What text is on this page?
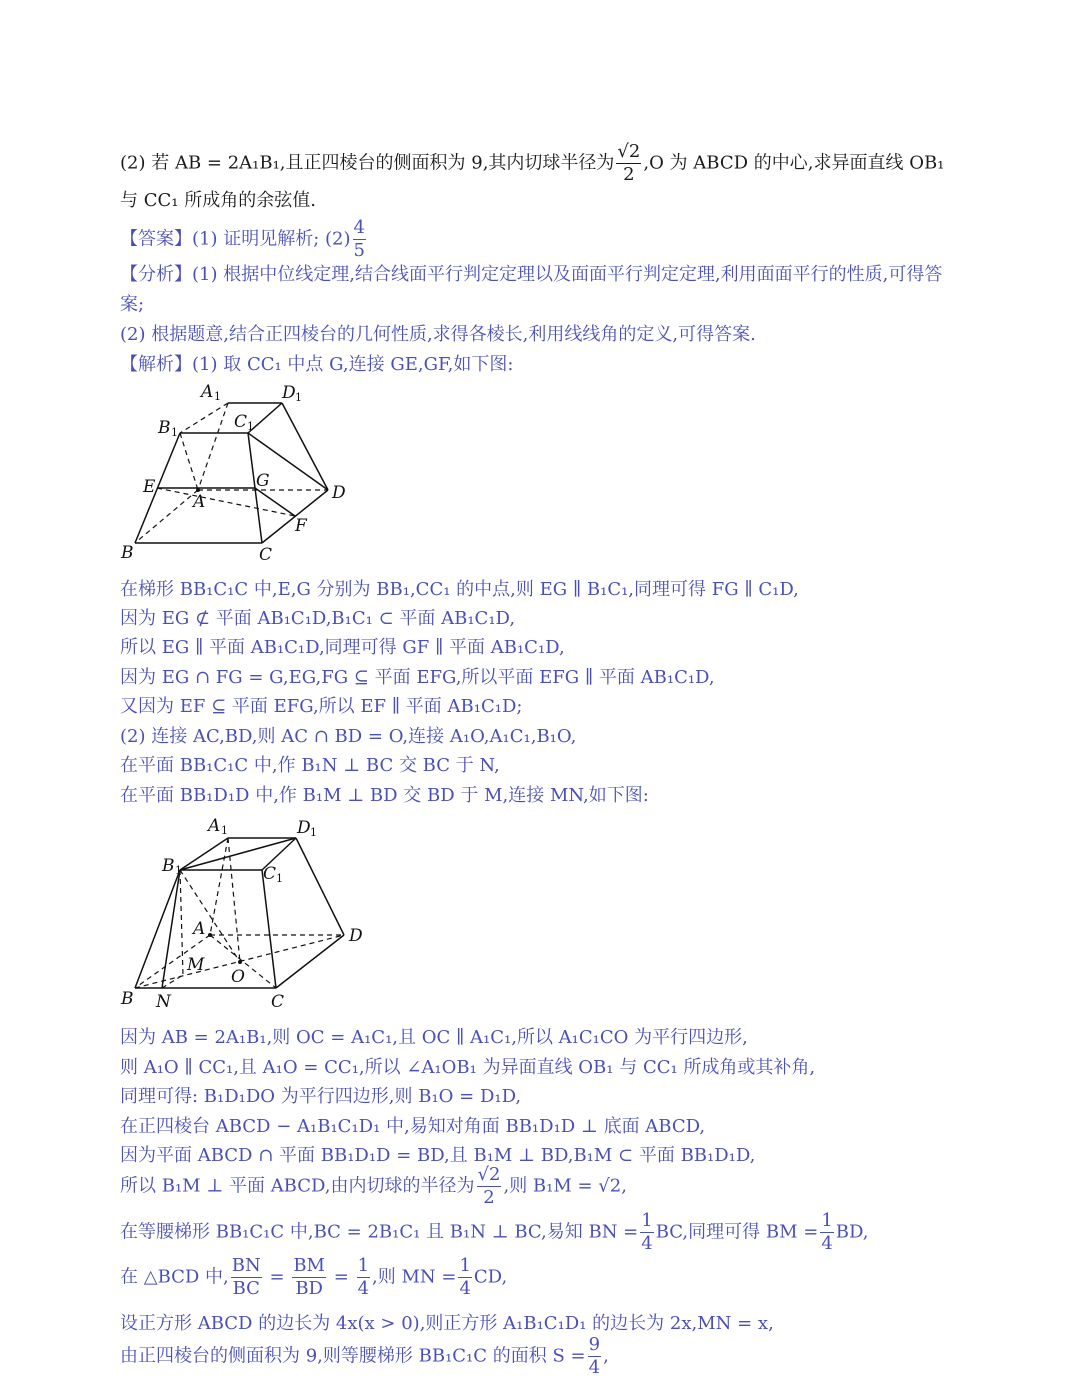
(2) 若 AB = 2A₁B₁,且正四棱台的侧面积为 9,其内切球半径为 $\frac{√2}{2} ,O$ 为 ABCD 的中心,求异面直线 OB₁
与 CC₁ 所成角的余弦值.
【答案】(1) 证明见解析; $(2) \frac{4}{5}$
【分析】(1) 根据中位线定理,结合线面平行判定定理以及面面平行判定定理,利用面面平行的性质,可得答
案;
(2) 根据题意,结合正四棱台的几何性质,求得各棱长,利用线线角的定义,可得答案.
【解析】(1) 取 CC₁ 中点 G,连接 GE,GF,如下图:
A 1	D 1
B 1
C 1
E	G
A	D
F
B	C
在梯形 BB₁C₁C 中,E,G 分别为 BB₁,CC₁ 的中点,则 EG ∥ B₁C₁,同理可得 FG ∥ C₁D,
因为 EG ⊄ 平面 AB₁C₁D,B₁C₁ ⊂ 平面 AB₁C₁D,
所以 EG ∥ 平面 AB₁C₁D,同理可得 GF ∥ 平面 AB₁C₁D,
因为 EG ∩ FG = G,EG,FG ⊆ 平面 EFG,所以平面 EFG ∥ 平面 AB₁C₁D,
又因为 EF ⊆ 平面 EFG,所以 EF ∥ 平面 AB₁C₁D;
(2) 连接 AC,BD,则 AC ∩ BD = O,连接 A₁O,A₁C₁,B₁O,
在平面 BB₁C₁C 中,作 B₁N ⊥ BC 交 BC 于 N,
在平面 BB₁D₁D 中,作 B₁M ⊥ BD 交 BD 于 M,连接 MN,如下图:
A 1	D 1
B 1	C 1
A	D
M
O
B N	C
因为 AB = 2A₁B₁,则 OC = A₁C₁,且 OC ∥ A₁C₁,所以 A₁C₁CO 为平行四边形,
则 A₁O ∥ CC₁,且 A₁O = CC₁,所以 ∠A₁OB₁ 为异面直线 OB₁ 与 CC₁ 所成角或其补角,
同理可得: B₁D₁DO 为平行四边形,则 B₁O = D₁D,
在正四棱台 ABCD − A₁B₁C₁D₁ 中,易知对角面 BB₁D₁D ⊥ 底面 ABCD,
因为平面 ABCD ∩ 平面 BB₁D₁D = BD,且 B₁M ⊥ BD,B₁M ⊂ 平面 BB₁D₁D,
所以 B₁M ⊥ 平面 ABCD,由内切球的半径为 $\frac{√2}{2}$ ,则 B₁M = √2,
在等腰梯形 BB₁C₁C 中,BC = 2B₁C₁ 且 B₁N ⊥ BC,易知 BN = $\frac{1}{4}$ BC,同理可得 BM = $\frac{1}{4}$ BD,
在 △BCD 中, $\frac{BN}{BC} = \frac{BM}{BD} = \frac{1}{4}$ ,则 MN = $\frac{1}{4}$ CD,
设正方形 ABCD 的边长为 4x(x > 0),则正方形 A₁B₁C₁D₁ 的边长为 2x,MN = x,
由正四棱台的侧面积为 9,则等腰梯形 BB₁C₁C 的面积 $S = \frac{9}{4}$ ,
